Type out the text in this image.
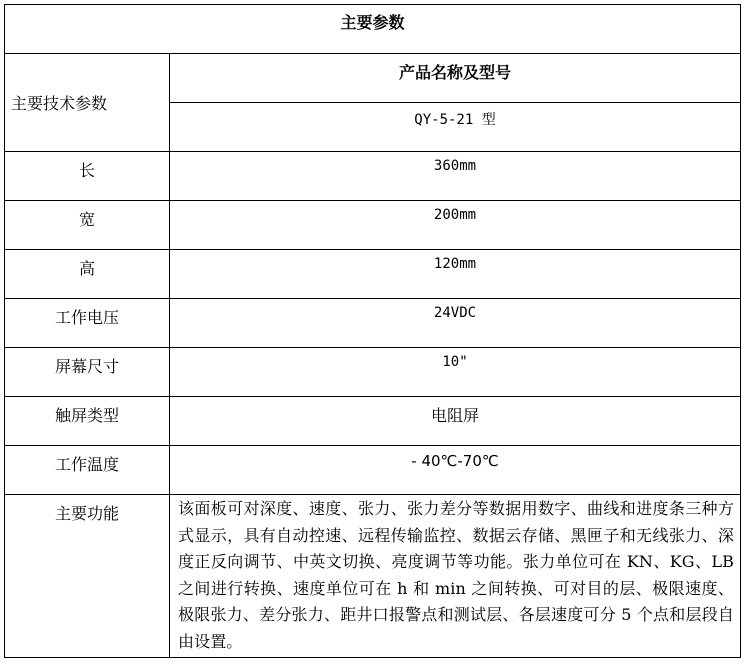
主要参数	

主要技术参数	产品名称及型号

	QY-5-21 型

长	360mm

宽	200mm

高	120mm

工作电压	24VDC

屏幕尺寸	10"

触屏类型	电阻屏

工作温度	- 40℃-70℃

主要功能	该面板可对深度、速度、张力、张力差分等数据用数字、曲线和进度条三种方式显示，具有自动控速、远程传输监控、数据云存储、黑匣子和无线张力、深度正反向调节、中英文切换、亮度调节等功能。张力单位可在 KN、KG、LB 之间进行转换、速度单位可在 h 和 min 之间转换、可对目的层、极限速度、极限张力、差分张力、距井口报警点和测试层、各层速度可分 5 个点和层段自由设置。
